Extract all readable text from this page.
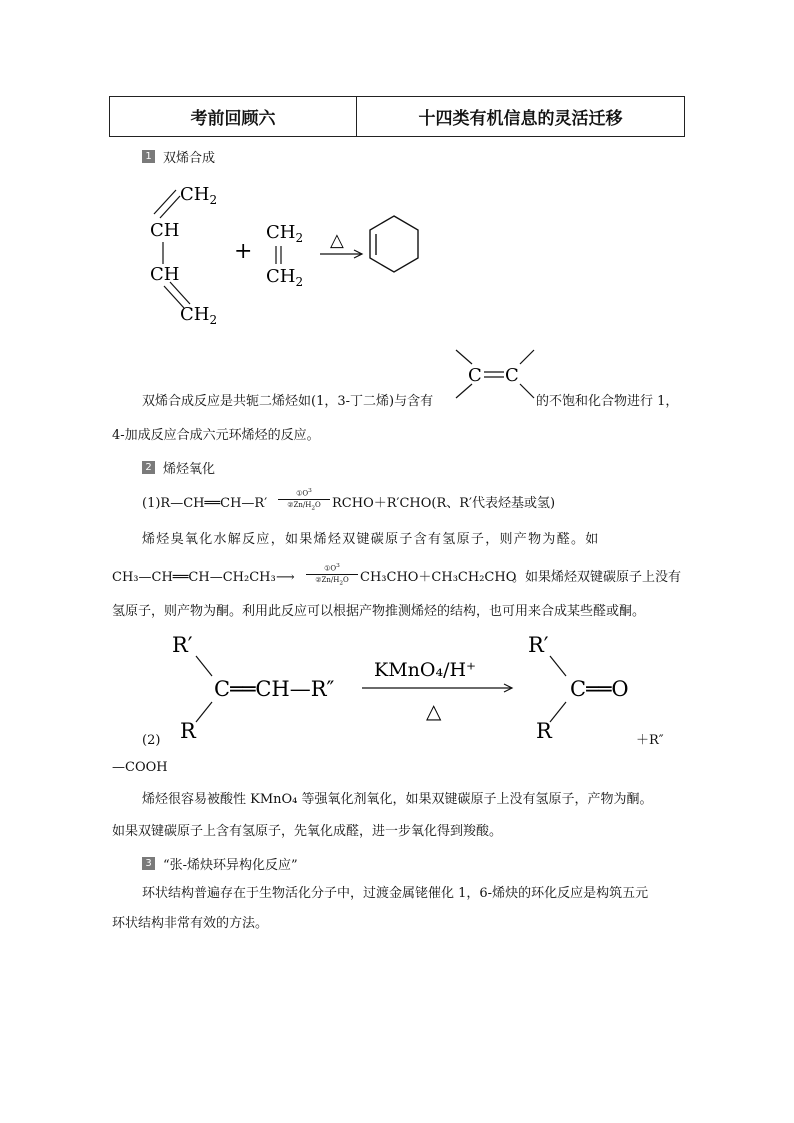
考前回顾六	十四类有机信息的灵活迁移
1 双烯合成
$CH_2$
CH
CH
$CH_2$
+
$CH_2$
$CH_2$
△
C C
双烯合成反应是共轭二烯烃如(1，3-丁二烯)与含有	的不饱和化合物进行 1，
4-加成反应合成六元环烯烃的反应。
2 烯烃氧化
(1)R—CH══CH—R′
$①O^3$
②Zn/$H_2O$ RCHO＋R′CHO(R、R′代表烃基或氢)
烯烃臭氧化水解反应，如果烯烃双键碳原子含有氢原子，则产物为醛。如
CH₃—CH══CH—CH₂CH₃ ⟶
$①O^3$
②Zn/$H_2O$ CH₃CHO＋CH₃CH₂CHO
。如果烯烃双键碳原子上没有
氢原子，则产物为酮。利用此反应可以根据产物推测烯烃的结构，也可用来合成某些醛或酮。
R′
C══CH—R″
R
KMnO₄/H⁺
△
R′
C══O
R
(2)	＋R″
—COOH
烯烃很容易被酸性 KMnO₄ 等强氧化剂氧化，如果双键碳原子上没有氢原子，产物为酮。
如果双键碳原子上含有氢原子，先氧化成醛，进一步氧化得到羧酸。
3 “张-烯炔环异构化反应”
环状结构普遍存在于生物活化分子中，过渡金属铑催化 1，6-烯炔的环化反应是构筑五元
环状结构非常有效的方法。
